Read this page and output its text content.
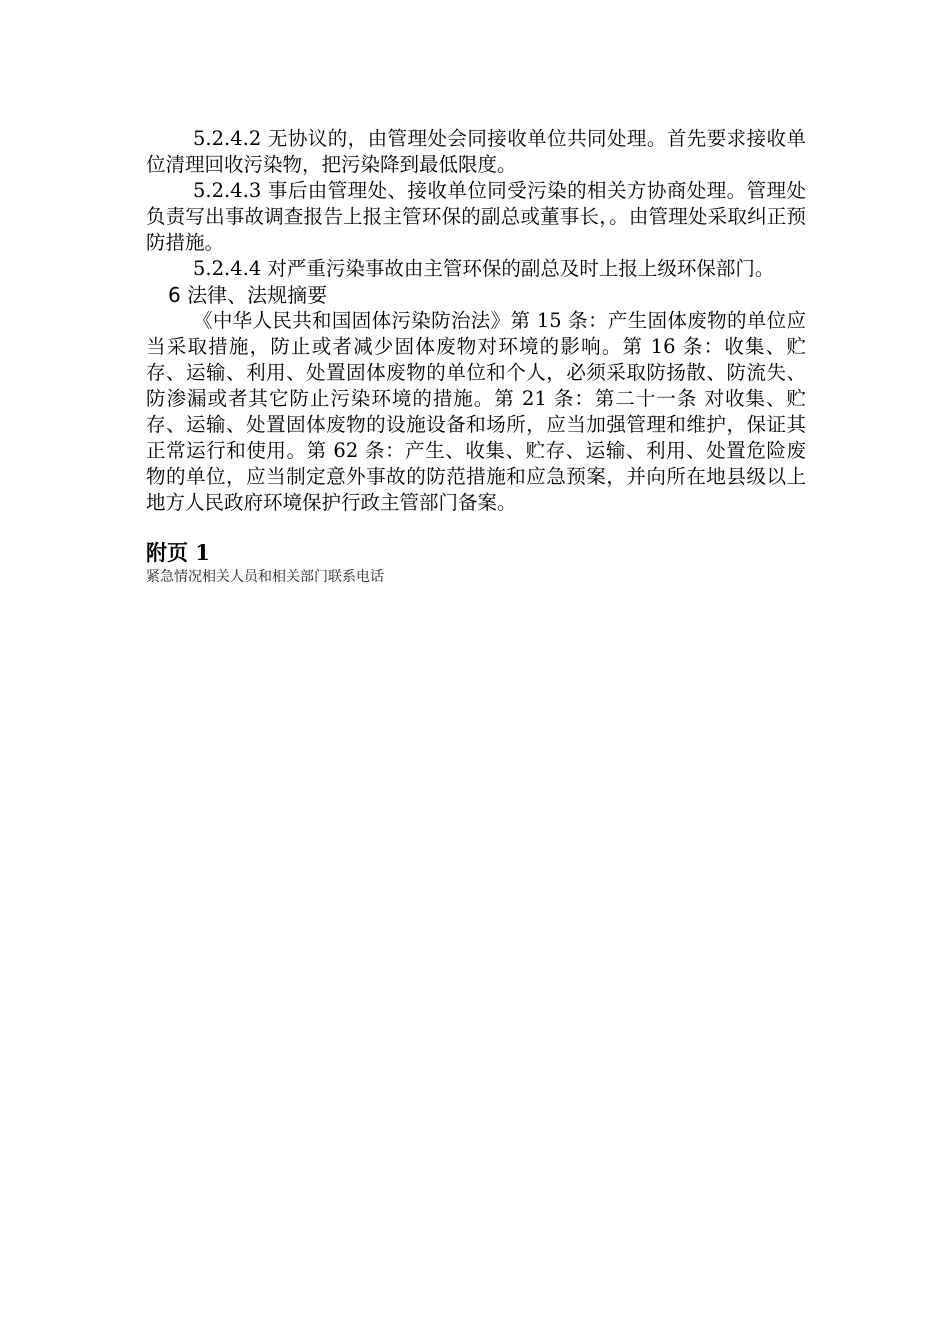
5.2.4.2 无协议的，由管理处会同接收单位共同处理。首先要求接收单位清理回收污染物，把污染降到最低限度。

5.2.4.3 事后由管理处、接收单位同受污染的相关方协商处理。管理处负责写出事故调查报告上报主管环保的副总或董事长，。由管理处采取纠正预防措施。

5.2.4.4 对严重污染事故由主管环保的副总及时上报上级环保部门。

6 法律、法规摘要

《中华人民共和国固体污染防治法》第 15 条：产生固体废物的单位应当采取措施，防止或者减少固体废物对环境的影响。第 16 条：收集、贮存、运输、利用、处置固体废物的单位和个人，必须采取防扬散、防流失、防渗漏或者其它防止污染环境的措施。第 21 条：第二十一条 对收集、贮存、运输、处置固体废物的设施设备和场所，应当加强管理和维护，保证其正常运行和使用。第 62 条：产生、收集、贮存、运输、利用、处置危险废物的单位，应当制定意外事故的防范措施和应急预案，并向所在地县级以上地方人民政府环境保护行政主管部门备案。

附页 1

紧急情况相关人员和相关部门联系电话
